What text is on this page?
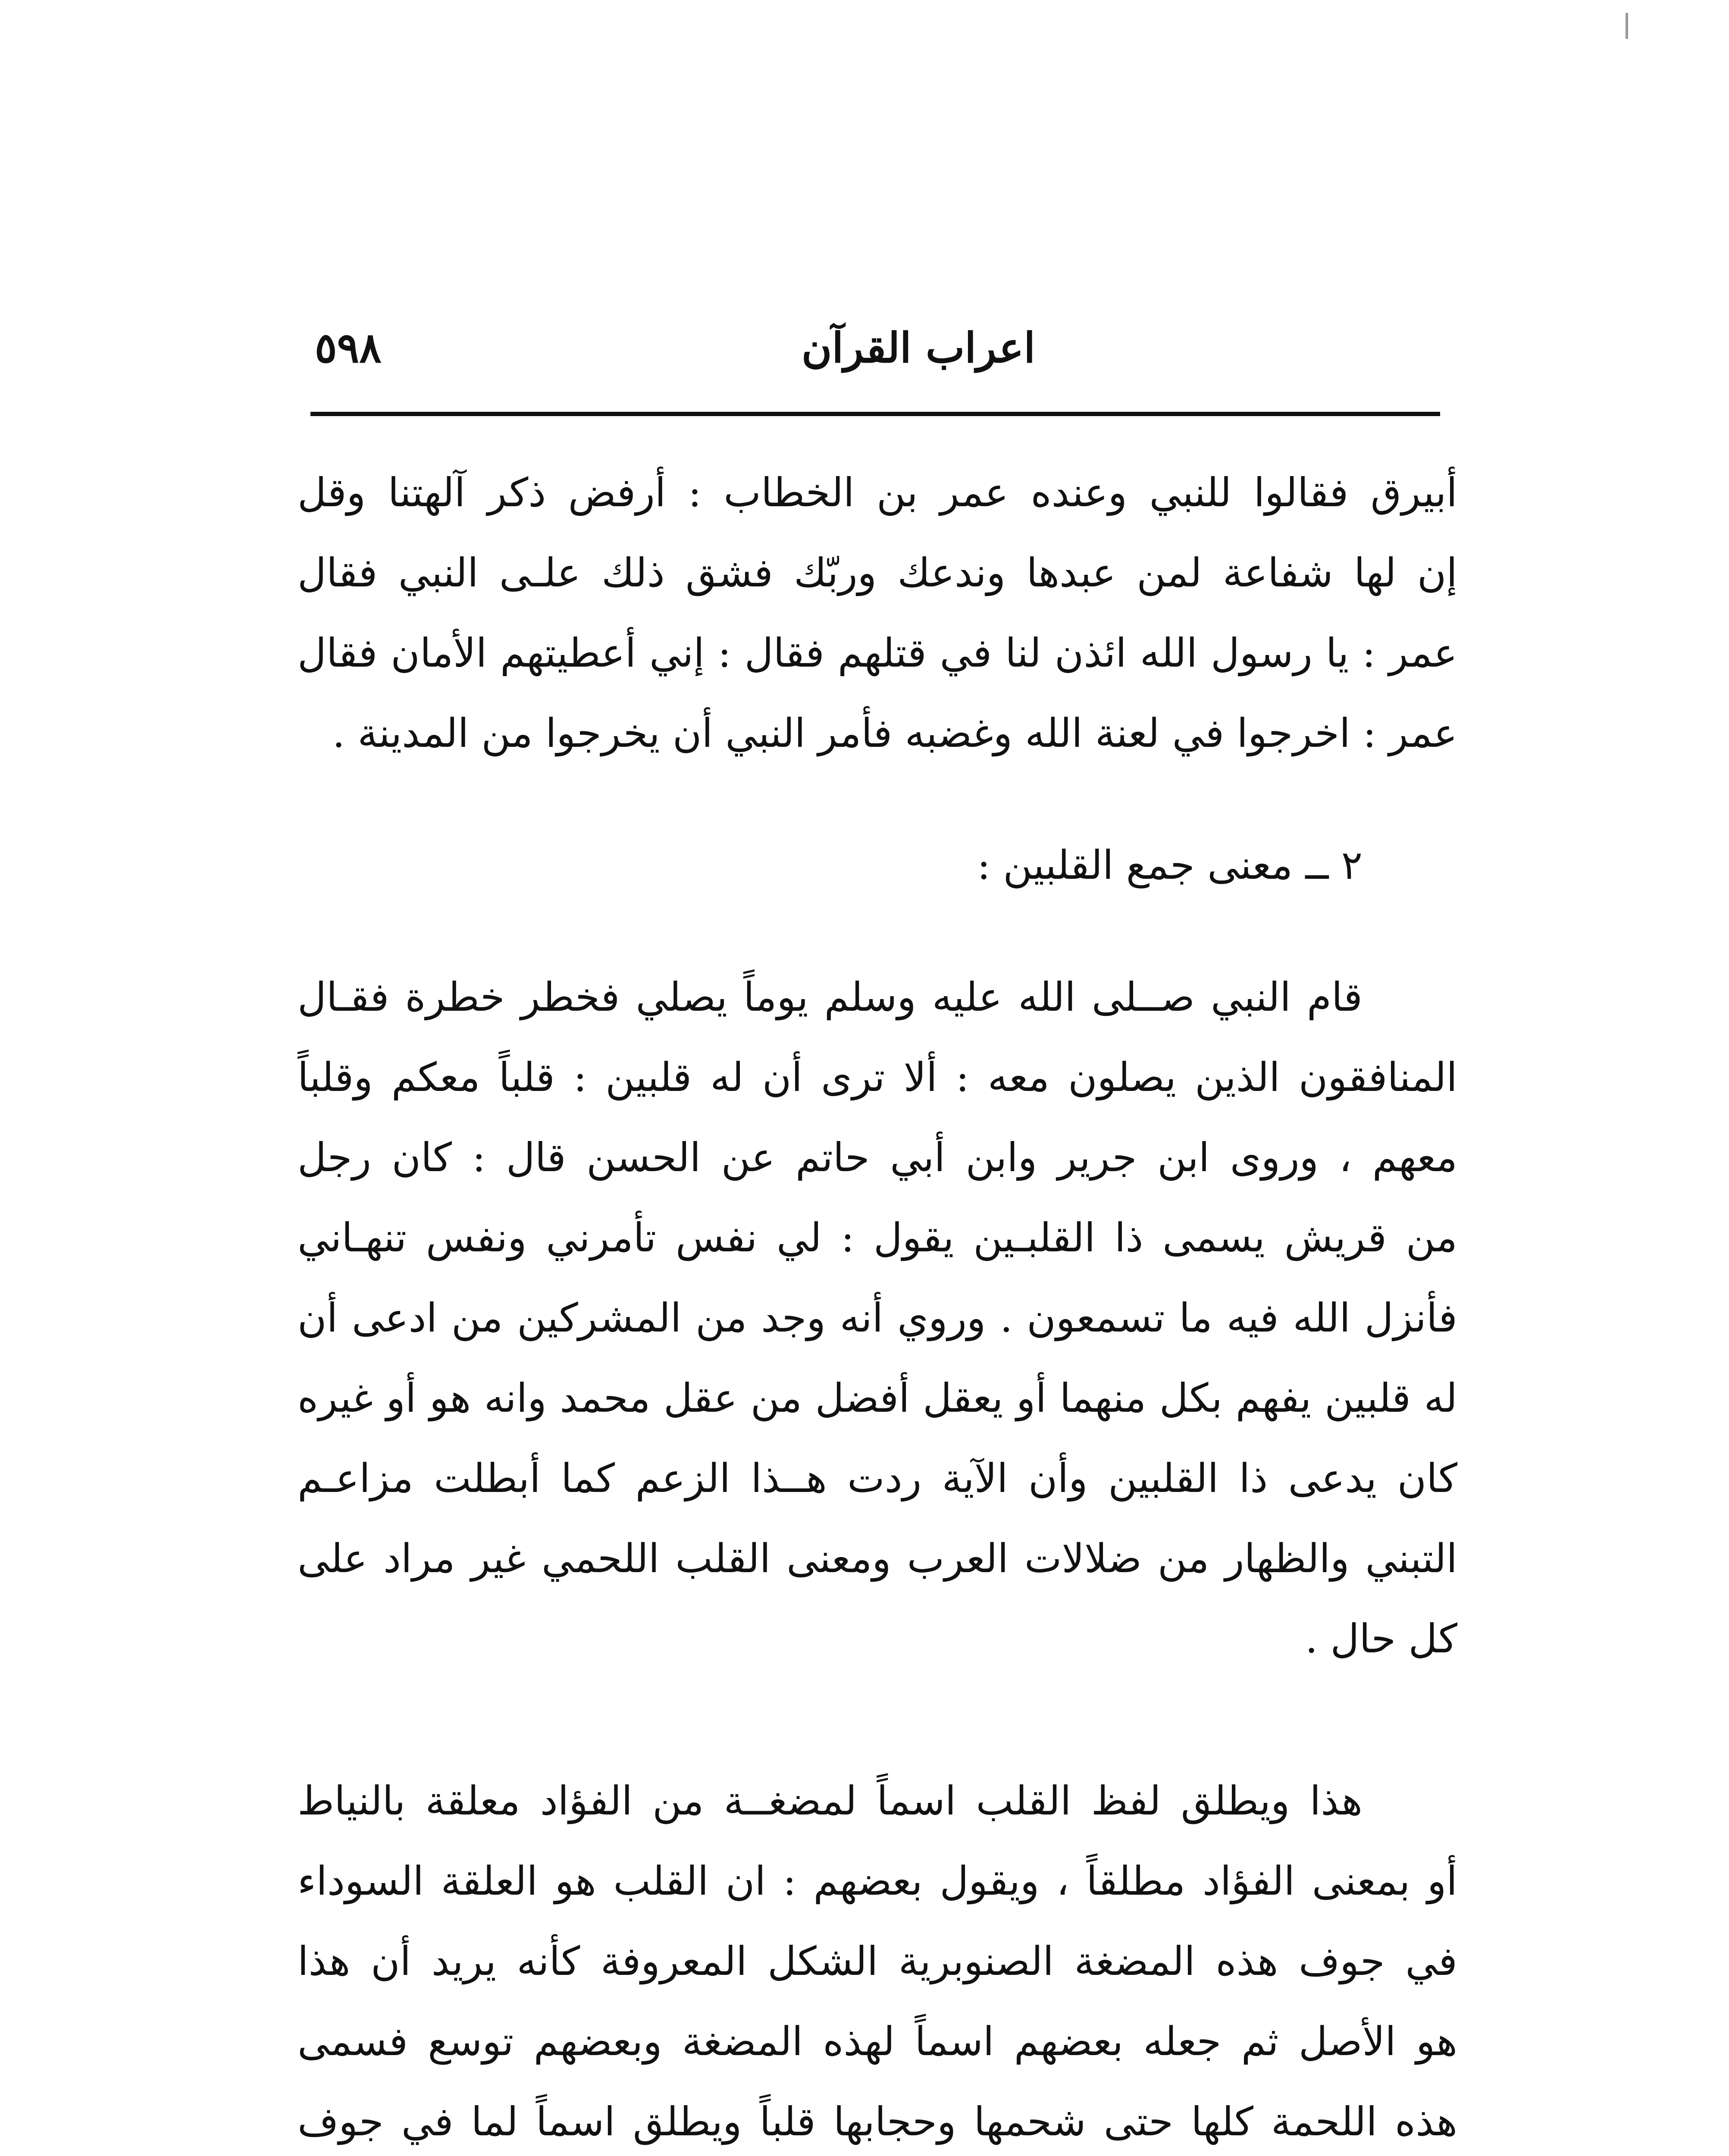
٥٩٨	اعراب القرآن

أبيرق فقالوا للنبي وعنده عمر بن الخطاب : أرفض ذكر آلهتنا وقل
إن لها شفاعة لمن عبدها وندعك وربّك فشق ذلك علـى النبي فقال
عمر : يا رسول الله ائذن لنا في قتلهم فقال : إني أعطيتهم الأمان فقال
عمر : اخرجوا في لعنة الله وغضبه فأمر النبي أن يخرجوا من المدينة .

٢ ــ معنى جمع القلبين :

قام النبي صــلى الله عليه وسلم يوماً يصلي فخطر خطرة فقـال
المنافقون الذين يصلون معه : ألا ترى أن له قلبين : قلباً معكم وقلباً
معهم ، وروى ابن جرير وابن أبي حاتم عن الحسن قال : كان رجل
من قريش يسمى ذا القلبـين يقول : لي نفس تأمرني ونفس تنهـاني
فأنزل الله فيه ما تسمعون . وروي أنه وجد من المشركين من ادعى أن
له قلبين يفهم بكل منهما أو يعقل أفضل من عقل محمد وانه هو أو غيره
كان يدعى ذا القلبين وأن الآية ردت هــذا الزعم كما أبطلت مزاعـم
التبني والظهار من ضلالات العرب ومعنى القلب اللحمي غير مراد على
كل حال .

هذا ويطلق لفظ القلب اسماً لمضغــة من الفؤاد معلقة بالنياط
أو بمعنى الفؤاد مطلقاً ، ويقول بعضهم : ان القلب هو العلقة السوداء
في جوف هذه المضغة الصنوبرية الشكل المعروفة كأنه يريد أن هذا
هو الأصل ثم جعله بعضهم اسماً لهذه المضغة وبعضهم توسع فسمى
هذه اللحمة كلها حتى شحمها وحجابها قلباً ويطلق اسماً لما في جوف
